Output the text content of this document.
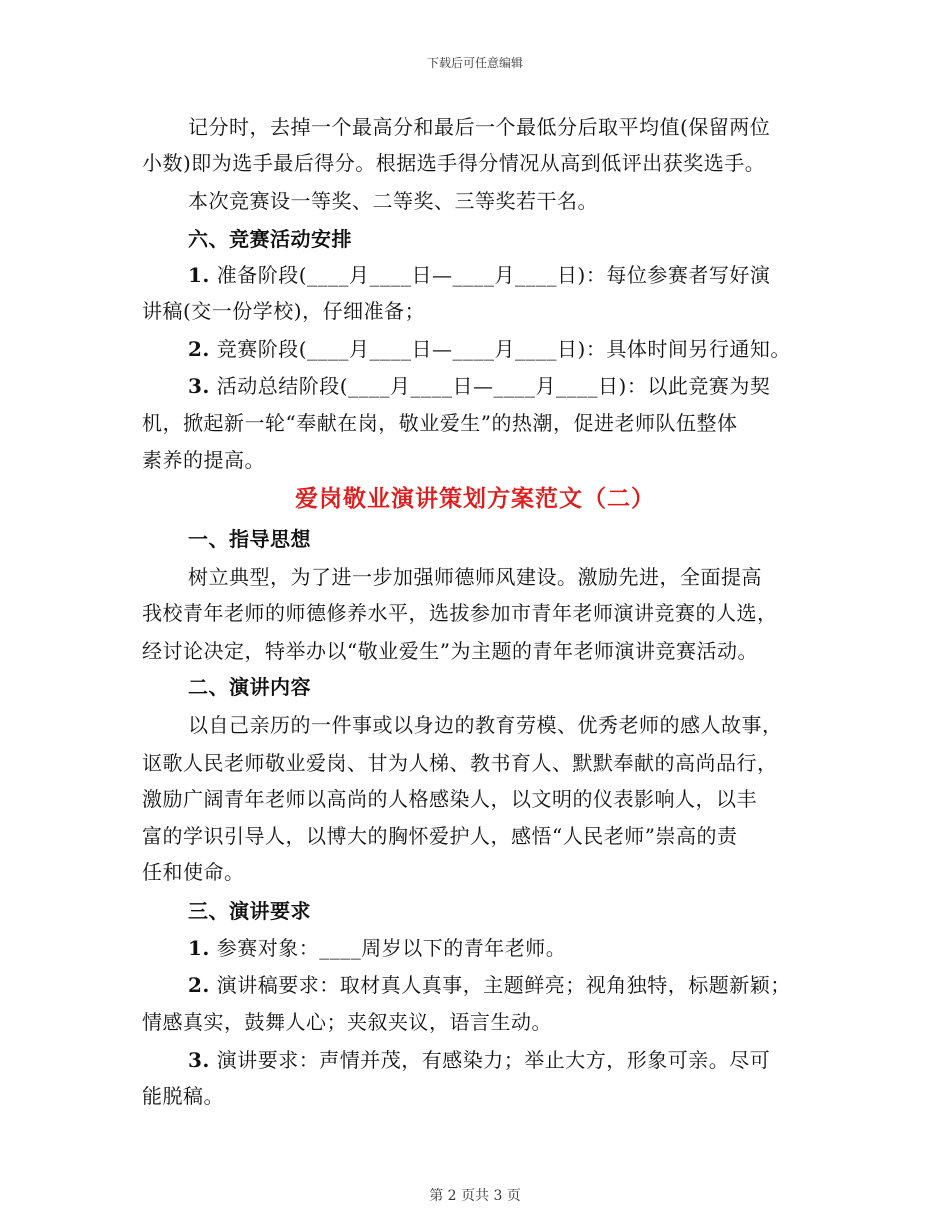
下载后可任意编辑
记分时，去掉一个最高分和最后一个最低分后取平均值(保留两位
小数)即为选手最后得分。根据选手得分情况从高到低评出获奖选手。
本次竞赛设一等奖、二等奖、三等奖若干名。
六、竞赛活动安排
1. 准备阶段(____月____日—____月____日)：每位参赛者写好演
讲稿(交一份学校)，仔细准备；
2. 竞赛阶段(____月____日—____月____日)：具体时间另行通知。
3. 活动总结阶段(____月____日—____月____日)：以此竞赛为契
机，掀起新一轮“奉献在岗，敬业爱生”的热潮，促进老师队伍整体
素养的提高。
爱岗敬业演讲策划方案范文（二）
一、指导思想
树立典型，为了进一步加强师德师风建设。激励先进，全面提高
我校青年老师的师德修养水平，选拔参加市青年老师演讲竞赛的人选，
经讨论决定，特举办以“敬业爱生”为主题的青年老师演讲竞赛活动。
二、演讲内容
以自己亲历的一件事或以身边的教育劳模、优秀老师的感人故事，
讴歌人民老师敬业爱岗、甘为人梯、教书育人、默默奉献的高尚品行，
激励广阔青年老师以高尚的人格感染人，以文明的仪表影响人，以丰
富的学识引导人，以博大的胸怀爱护人，感悟“人民老师”崇高的责
任和使命。
三、演讲要求
1. 参赛对象：____周岁以下的青年老师。
2. 演讲稿要求：取材真人真事，主题鲜亮；视角独特，标题新颖；
情感真实，鼓舞人心；夹叙夹议，语言生动。
3. 演讲要求：声情并茂，有感染力；举止大方，形象可亲。尽可
能脱稿。
第 2 页共 3 页
